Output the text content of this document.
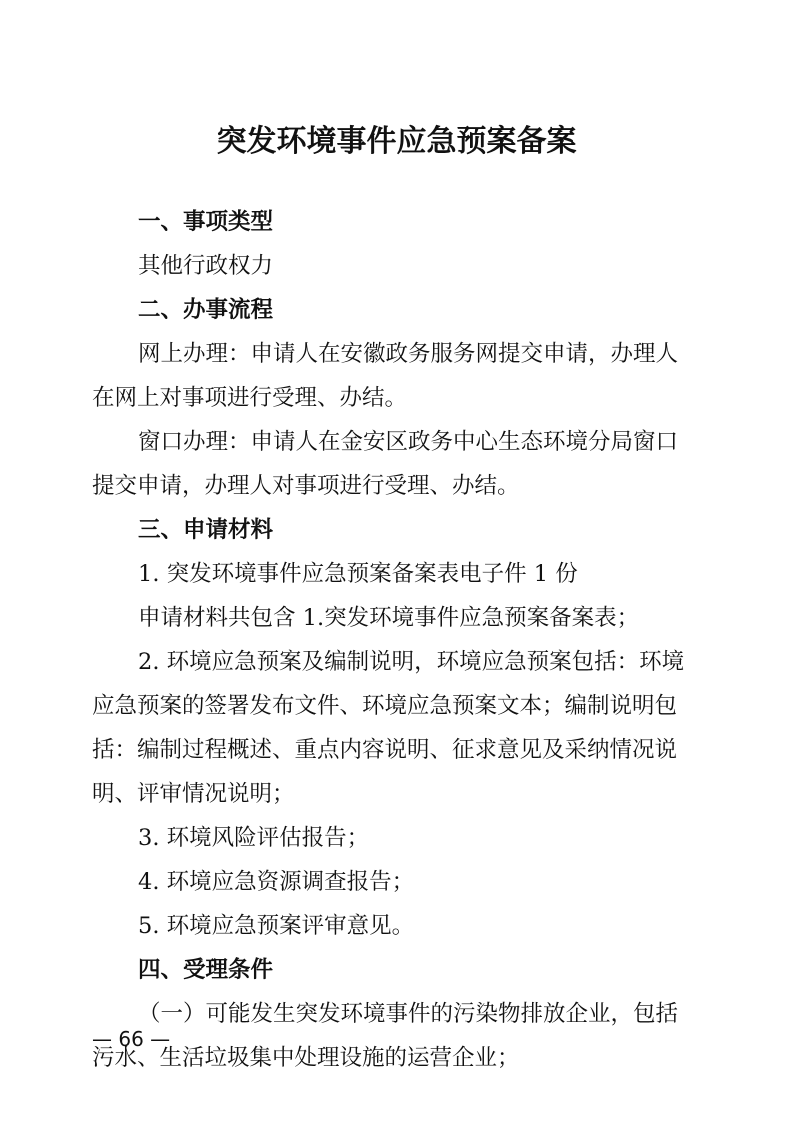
突发环境事件应急预案备案
一、事项类型
其他行政权力
二、办事流程
网上办理：申请人在安徽政务服务网提交申请，办理人
在网上对事项进行受理、办结。
窗口办理：申请人在金安区政务中心生态环境分局窗口
提交申请，办理人对事项进行受理、办结。
三、申请材料
1. 突发环境事件应急预案备案表电子件 1 份
申请材料共包含 1.突发环境事件应急预案备案表；
2. 环境应急预案及编制说明，环境应急预案包括：环境
应急预案的签署发布文件、环境应急预案文本；编制说明包
括：编制过程概述、重点内容说明、征求意见及采纳情况说
明、评审情况说明；
3. 环境风险评估报告；
4. 环境应急资源调查报告；
5. 环境应急预案评审意见。
四、受理条件
（一）可能发生突发环境事件的污染物排放企业，包括
污水、生活垃圾集中处理设施的运营企业；
— 66 —
